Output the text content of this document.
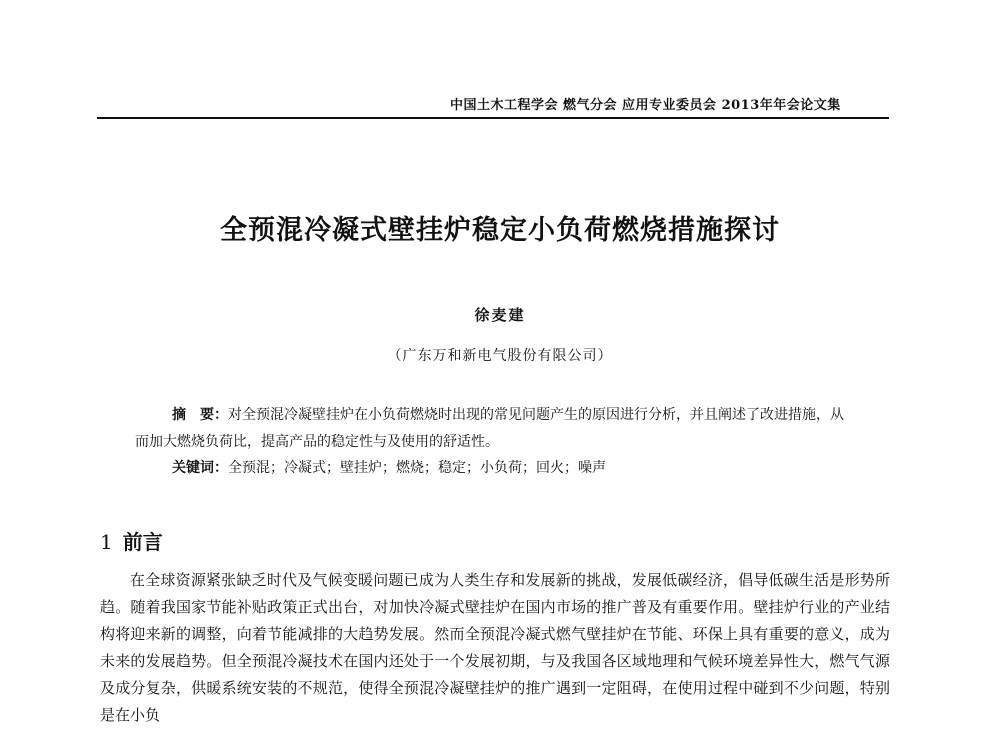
中国土木工程学会 燃气分会 应用专业委员会 2013年年会论文集
全预混冷凝式壁挂炉稳定小负荷燃烧措施探讨
徐麦建
（广东万和新电气股份有限公司）
摘　要：对全预混冷凝壁挂炉在小负荷燃烧时出现的常见问题产生的原因进行分析，并且阐述了改进措施，从而加大燃烧负荷比，提高产品的稳定性与及使用的舒适性。
关键词：全预混；冷凝式；壁挂炉；燃烧；稳定；小负荷；回火；噪声
1 前言

在全球资源紧张缺乏时代及气候变暖问题已成为人类生存和发展新的挑战，发展低碳经济，倡导低碳生活是形势所趋。随着我国家节能补贴政策正式出台，对加快冷凝式壁挂炉在国内市场的推广普及有重要作用。壁挂炉行业的产业结构将迎来新的调整，向着节能减排的大趋势发展。然而全预混冷凝式燃气壁挂炉在节能、环保上具有重要的意义，成为未来的发展趋势。但全预混冷凝技术在国内还处于一个发展初期，与及我国各区域地理和气候环境差异性大，燃气气源及成分复杂，供暖系统安装的不规范，使得全预混冷凝壁挂炉的推广遇到一定阻碍，在使用过程中碰到不少问题，特别是在小负
